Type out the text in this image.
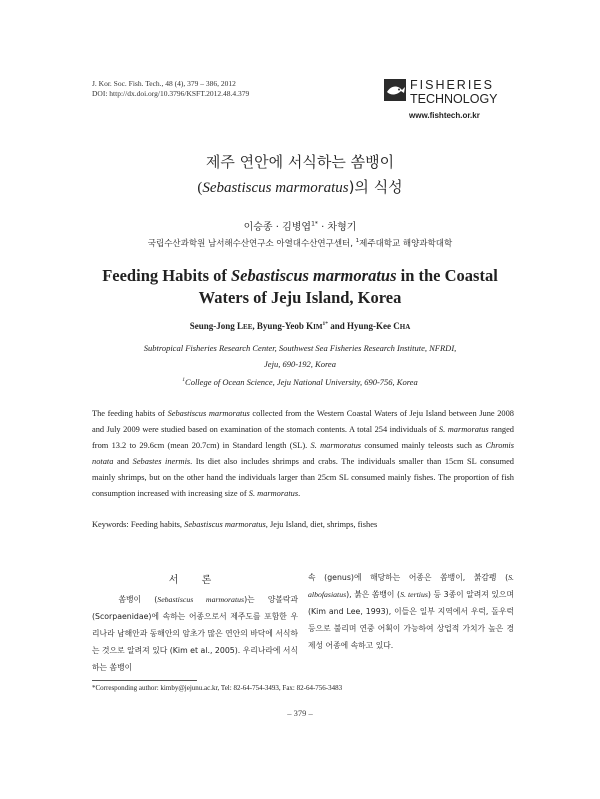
J. Kor. Soc. Fish. Tech., 48 (4), 379 – 386, 2012
DOI: http://dx.doi.org/10.3796/KSFT.2012.48.4.379
FISHERIES
TECHNOLOGY
www.fishtech.or.kr
제주 연안에 서식하는 쏨뱅이
(Sebastiscus marmoratus)의 식성
이승종 · 김병엽$^{1*}$ · 차형기
국립수산과학원 남서해수산연구소 아열대수산연구센터, $^1$제주대학교 해양과학대학
Feeding Habits of Sebastiscus marmoratus in the Coastal
Waters of Jeju Island, Korea
Seung-Jong LEE, Byung-Yeob $KIM^{1*}$ and Hyung-Kee CHA
Subtropical Fisheries Research Center, Southwest Sea Fisheries Research Institute, NFRDI,
Jeju, 690-192, Korea
$^1$College of Ocean Science, Jeju National University, 690-756, Korea
The feeding habits of Sebastiscus marmoratus collected from the Western Coastal Waters of Jeju Island between June 2008 and July 2009 were studied based on examination of the stomach contents. A total 254 individuals of S. marmoratus ranged from 13.2 to 29.6cm (mean 20.7cm) in Standard length (SL). S. marmoratus consumed mainly teleosts such as Chromis notata and Sebastes inermis. Its diet also includes shrimps and crabs. The individuals smaller than 15cm SL consumed mainly shrimps, but on the other hand the individuals larger than 25cm SL consumed mainly fishes. The proportion of fish consumption increased with increasing size of S. marmoratus.
Keywords: Feeding habits, Sebastiscus marmoratus, Jeju Island, diet, shrimps, fishes
서 론
쏨뱅이 (Sebastiscus marmoratus)는 양볼락과 (Scorpaenidae)에 속하는 어종으로서 제주도를 포함한 우리나라 남해안과 동해안의 암초가 많은 연안의 바닥에 서식하는 것으로 알려져 있다 (Kim et al., 2005). 우리나라에 서식하는 쏨뱅이
속 (genus)에 해당하는 어종은 쏨뱅이, 붉감펭 (S. albofasiatus), 붉은 쏨뱅이 (S. tertius) 등 3종이 알려져 있으며 (Kim and Lee, 1993), 이들은 일부 지역에서 우럭, 돌우럭 등으로 불리며 연중 어획이 가능하여 상업적 가치가 높은 경제성 어종에 속하고 있다.
*Corresponding author: kimby@jejunu.ac.kr, Tel: 82-64-754-3493, Fax: 82-64-756-3483
– 379 –
